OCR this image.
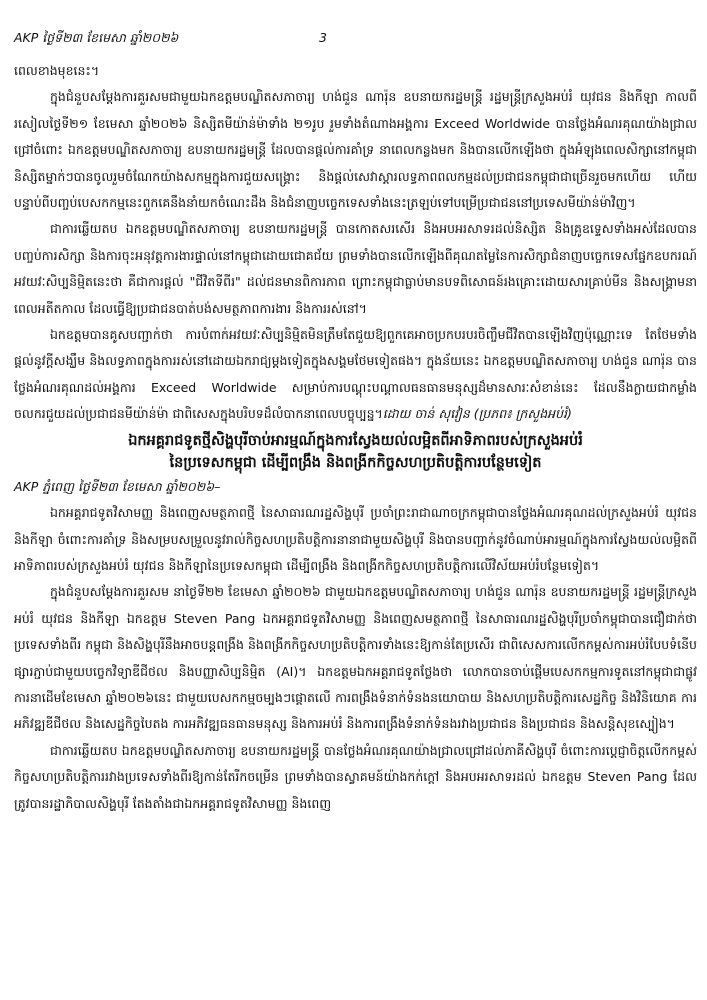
AKP ថ្ងៃទី២៣ ខែមេសា ឆ្នាំ២០២៦	3

ពេលខាងមុខនេះ។

ក្នុងជំនួបសម្ដែងការគួរសមជាមួយឯកឧត្ដមបណ្ឌិតសភាចារ្យ ហង់ជួន ណារ៉ុន ឧបនាយករដ្ឋមន្ដ្រី រដ្ឋមន្ដ្រីក្រសួងអប់រំ យុវជន និងកីឡា កាលពីរសៀលថ្ងៃទី២១ ខែមេសា ឆ្នាំ២០២៦ និស្សិតមីយ៉ាន់ម៉ាទាំង ២១រូប រួមទាំងតំណាងអង្គការ Exceed Worldwide បានថ្លែងអំណរគុណយ៉ាងជ្រាលជ្រៅចំពោះ ឯកឧត្ដមបណ្ឌិតសភាចារ្យ ឧបនាយករដ្ឋមន្ដ្រី ដែលបានផ្ដល់ការគាំទ្រ នាពេលកន្លងមក និងបានលើកឡើងថា ក្នុងអំឡុងពេលសិក្សានៅកម្ពុជានិស្សិតម្នាក់ៗបានចូលរួមចំណែកយ៉ាងសកម្មក្នុងការជួយសង្គ្រោះ និងផ្ដល់សេវាស្ដារលទ្ធភាពពលកម្មដល់ប្រជាជនកម្ពុជាជាច្រើនរួចមកហើយ ហើយបន្ទាប់ពីបញ្ចប់បេសកកម្មនេះពួកគេនឹងនាំយកចំណេះដឹង និងជំនាញបច្ចេកទេសទាំងនេះត្រឡប់ទៅបម្រើប្រជាជននៅប្រទេសមីយ៉ាន់ម៉ាវិញ។

ជាការឆ្លើយតប ឯកឧត្ដមបណ្ឌិតសភាចារ្យ ឧបនាយករដ្ឋមន្ដ្រី បានកោតសរសើរ និងអបអរសាទរដល់និស្សិត និងគ្រូឧទ្ទេសទាំងអស់ដែលបានបញ្ចប់ការសិក្សា និងការចុះអនុវត្តការងារផ្ទាល់នៅកម្ពុជាដោយជោគជ័យ ព្រមទាំងបានលើកឡើងពីគុណតម្លៃនៃការសិក្សាជំនាញបច្ចេកទេសផ្នែកឧបករណ៍អវយវៈសិប្បនិម្មិតនេះថា គឺជាការផ្ដល់ "ជីវិតទីពីរ" ដល់ជនមានពិការភាព ព្រោះកម្ពុជាធ្លាប់មានបទពិសោធន៍រងគ្រោះដោយសារគ្រាប់មីន និងសង្គ្រាមនាពេលអតីតកាល ដែលធ្វើឱ្យប្រជាជនបាត់បង់សមត្ថភាពការងារ និងការរស់នៅ។

ឯកឧត្ដមបានគូសបញ្ជាក់ថា ការបំពាក់អវយវៈសិប្បនិម្មិតមិនត្រឹមតែជួយឱ្យពួកគេអាចប្រកបរបរចិញ្ចឹមជីវិតបានឡើងវិញប៉ុណ្ណោះទេ តែថែមទាំងផ្ដល់នូវក្ដីសង្ឃឹម និងលទ្ធភាពក្នុងការរស់នៅដោយឯករាជ្យម្ដងទៀតក្នុងសង្គមថែមទៀតផង។ ក្នុងន័យនេះ ឯកឧត្ដមបណ្ឌិតសភាចារ្យ ហង់ជួន ណារ៉ុន បានថ្លែងអំណរគុណដល់អង្គការ Exceed Worldwide សម្រាប់ការបណ្ដុះបណ្ដាលធនធានមនុស្សដ៏មានសារៈសំខាន់នេះ ដែលនឹងក្លាយជាកម្លាំងចលករជួយដល់ប្រជាជនមីយ៉ាន់ម៉ា ជាពិសេសក្នុងបរិបទដ៏លំបាកនាពេលបច្ចុប្បន្ន។ដោយ ចាន់ សុវៀន (ប្រភព៖ ក្រសួងអប់រំ)

ឯកអគ្គរាជទូតថ្មីសិង្ហបុរីចាប់អារម្មណ៍ក្នុងការស្វែងយល់លម្អិតពីអាទិភាពរបស់ក្រសួងអប់រំ
នៃប្រទេសកម្ពុជា ដើម្បីពង្រឹង និងពង្រីកកិច្ចសហប្រតិបត្តិការបន្ថែមទៀត

AKP ភ្នំពេញ ថ្ងៃទី២៣ ខែមេសា ឆ្នាំ២០២៦–

ឯកអគ្គរាជទូតវិសាមញ្ញ និងពេញសមត្ថភាពថ្មី នៃសាធារណរដ្ឋសិង្ហបុរី ប្រចាំព្រះរាជាណាចក្រកម្ពុជាបានថ្លែងអំណរគុណដល់ក្រសួងអប់រំ យុវជន និងកីឡា ចំពោះការគាំទ្រ និងសម្របសម្រួលនូវរាល់កិច្ចសហប្រតិបត្តិការនានាជាមួយសិង្ហបុរី និងបានបញ្ជាក់នូវចំណាប់អារម្មណ៍ក្នុងការស្វែងយល់លម្អិតពីអាទិភាពរបស់ក្រសួងអប់រំ យុវជន និងកីឡានៃប្រទេសកម្ពុជា ដើម្បីពង្រឹង និងពង្រីកកិច្ចសហប្រតិបត្តិការលើវិស័យអប់រំបន្ថែមទៀត។

ក្នុងជំនួបសម្ដែងការគួរសម នាថ្ងៃទី២២ ខែមេសា ឆ្នាំ២០២៦ ជាមួយឯកឧត្ដមបណ្ឌិតសភាចារ្យ ហង់ជួន ណារ៉ុន ឧបនាយករដ្ឋមន្ដ្រី រដ្ឋមន្ដ្រីក្រសួងអប់រំ យុវជន និងកីឡា ឯកឧត្ដម Steven Pang ឯកអគ្គរាជទូតវិសាមញ្ញ និងពេញសមត្ថភាពថ្មី នៃសាធារណរដ្ឋសិង្ហបុរីប្រចាំកម្ពុជាបានជឿជាក់ថា ប្រទេសទាំងពីរ កម្ពុជា និងសិង្ហបុរីនឹងអាចបន្តពង្រឹង និងពង្រីកកិច្ចសហប្រតិបត្តិការទាំងនេះឱ្យកាន់តែប្រសើរ ជាពិសេសការលើកកម្ពស់ការអប់រំបែបទំនើបផ្សារភ្ជាប់ជាមួយបច្ចេកវិទ្យាឌីជីថល និងបញ្ញាសិប្បនិម្មិត (AI)។ ឯកឧត្ដមឯកអគ្គរាជទូតថ្លែងថា លោកបានចាប់ផ្ដើមបេសកកម្មការទូតនៅកម្ពុជាជាផ្លូវការនាដើមខែមេសា ឆ្នាំ២០២៦នេះ ជាមួយបេសកកម្មចម្បងៗផ្ដោតលើ ការពង្រឹងទំនាក់ទំនងនយោបាយ និងសហប្រតិបត្តិការសេដ្ឋកិច្ច និងវិនិយោគ ការអភិវឌ្ឍឌីជីថល និងសេដ្ឋកិច្ចបៃតង ការអភិវឌ្ឍធនធានមនុស្ស និងការអប់រំ និងការពង្រឹងទំនាក់ទំនងរវាងប្រជាជន និងប្រជាជន និងសន្តិសុខស្បៀង។

ជាការឆ្លើយតប ឯកឧត្ដមបណ្ឌិតសភាចារ្យ ឧបនាយករដ្ឋមន្ដ្រី បានថ្លែងអំណរគុណយ៉ាងជ្រាលជ្រៅដល់ភាគីសិង្ហបុរី ចំពោះការប្ដេជ្ញាចិត្តលើកកម្ពស់កិច្ចសហប្រតិបត្តិការរវាងប្រទេសទាំងពីរឱ្យកាន់តែរីកចម្រើន ព្រមទាំងបានស្វាគមន៍យ៉ាងកក់ក្ដៅ និងអបអរសាទរដល់ ឯកឧត្ដម Steven Pang ដែលត្រូវបានរដ្ឋាភិបាលសិង្ហបុរី តែងតាំងជាឯកអគ្គរាជទូតវិសាមញ្ញ និងពេញ
